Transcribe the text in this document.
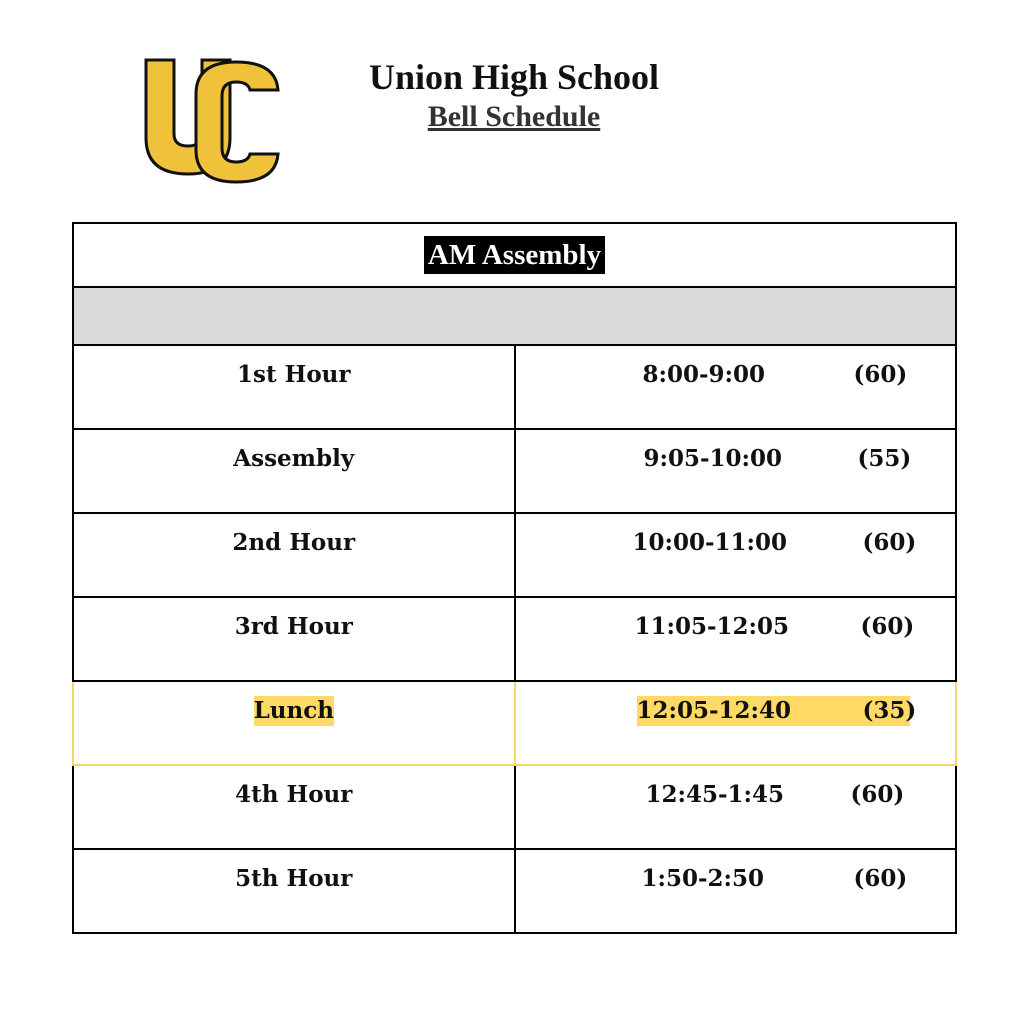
Union High School
Bell Schedule
AM Assembly	

1st Hour	8:00-9:00 (60)

Assembly	9:05-10:00 (55)

2nd Hour	10:00-11:00 (60)

3rd Hour	11:05-12:05 (60)

Lunch	12:05-12:40 (35)

4th Hour	12:45-1:45 (60)

5th Hour	1:50-2:50 (60)
